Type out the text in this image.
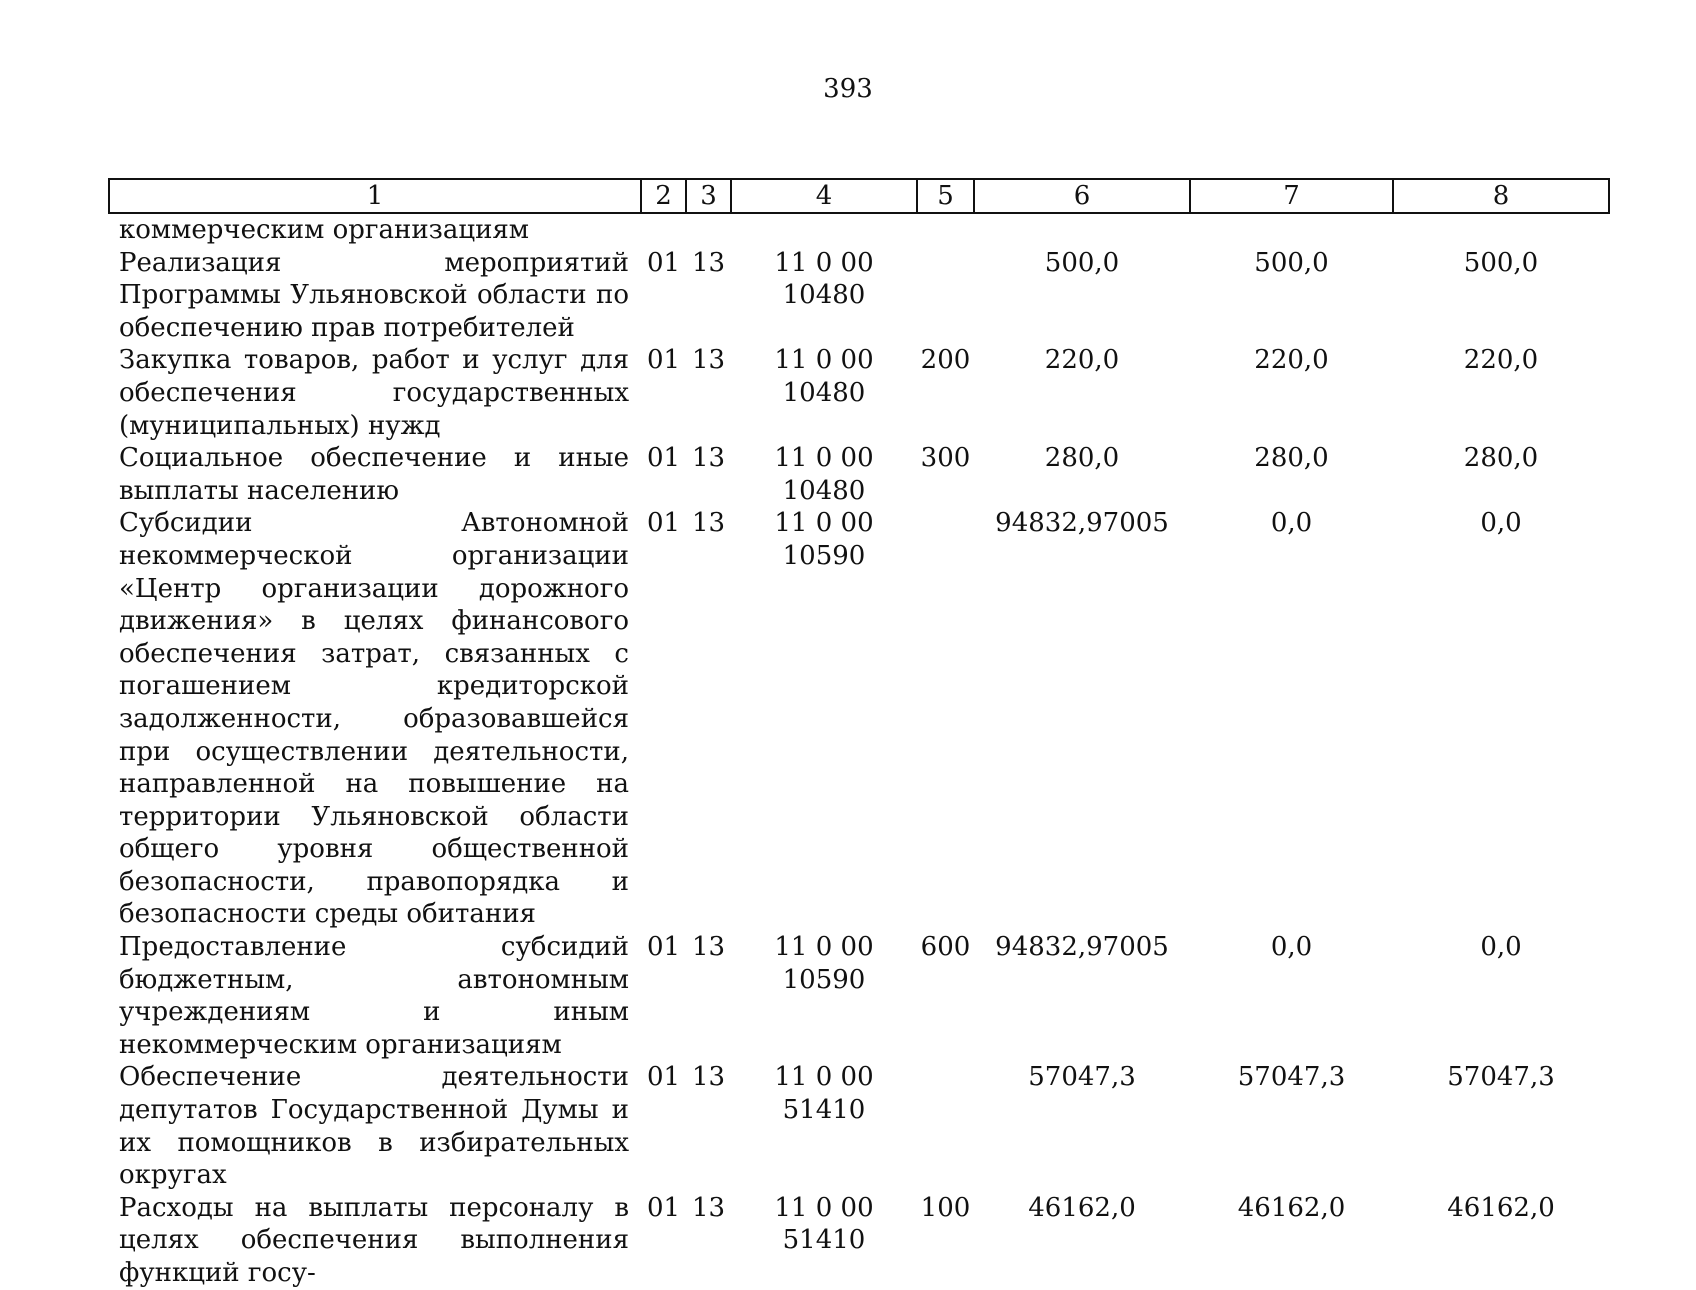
393
1	2	3	4	5	6	7	8
коммерческим организациям							
Реализация мероприятий Программы Ульяновской области по обеспечению прав потребителей	01	13	11 0 00 10480		500,0	500,0	500,0
Закупка товаров, работ и услуг для обеспечения государственных (муниципальных) нужд	01	13	11 0 00 10480	200	220,0	220,0	220,0
Социальное обеспечение и иные выплаты населению	01	13	11 0 00 10480	300	280,0	280,0	280,0
Субсидии Автономной некоммерческой организации «Центр организации дорожного движения» в целях финансового обеспечения затрат, связанных с погашением кредиторской задолженности, образовавшейся при осуществлении деятельности, направленной на повышение на территории Ульяновской области общего уровня общественной безопасности, правопорядка и безопасности среды обитания	01	13	11 0 00 10590		94832,97005	0,0	0,0
Предоставление субсидий бюджетным, автономным учреждениям и иным некоммерческим организациям	01	13	11 0 00 10590	600	94832,97005	0,0	0,0
Обеспечение деятельности депутатов Государственной Думы и их помощников в избирательных округах	01	13	11 0 00 51410		57047,3	57047,3	57047,3
Расходы на выплаты персоналу в целях обеспечения выполнения функций госу-	01	13	11 0 00 51410	100	46162,0	46162,0	46162,0
